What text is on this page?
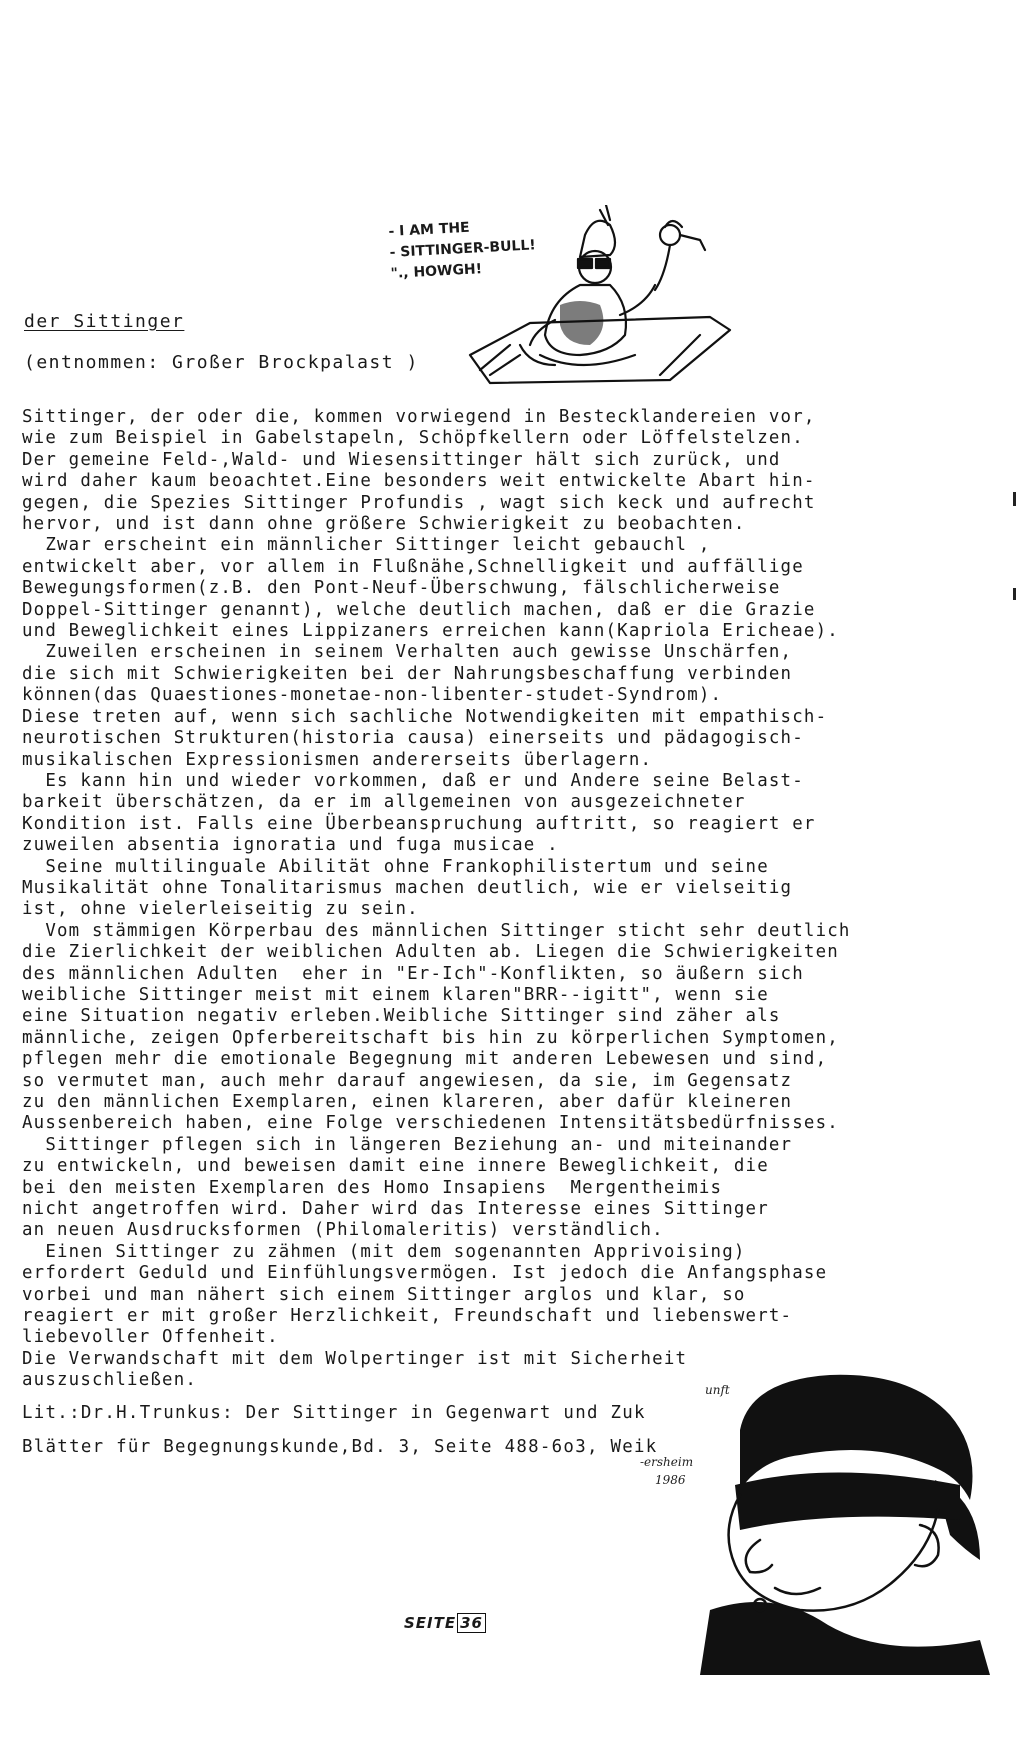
- I AM THE
- SITTINGER-BULL!
"., HOWGH!
der Sittinger
(entnommen: Großer Brockpalast )
Sittinger, der oder die, kommen vorwiegend in Bestecklandereien vor,
wie zum Beispiel in Gabelstapeln, Schöpfkellern oder Löffelstelzen.
Der gemeine Feld-,Wald- und Wiesensittinger hält sich zurück, und
wird daher kaum beoachtet.Eine besonders weit entwickelte Abart hin-
gegen, die Spezies Sittinger Profundis , wagt sich keck und aufrecht
hervor, und ist dann ohne größere Schwierigkeit zu beobachten.
Zwar erscheint ein männlicher Sittinger leicht gebauchl ,
entwickelt aber, vor allem in Flußnähe,Schnelligkeit und auffällige
Bewegungsformen(z.B. den Pont-Neuf-Überschwung, fälschlicherweise
Doppel-Sittinger genannt), welche deutlich machen, daß er die Grazie
und Beweglichkeit eines Lippizaners erreichen kann(Kapriola Ericheae).
Zuweilen erscheinen in seinem Verhalten auch gewisse Unschärfen,
die sich mit Schwierigkeiten bei der Nahrungsbeschaffung verbinden
können(das Quaestiones-monetae-non-libenter-studet-Syndrom).
Diese treten auf, wenn sich sachliche Notwendigkeiten mit empathisch-
neurotischen Strukturen(historia causa) einerseits und pädagogisch-
musikalischen Expressionismen andererseits überlagern.
Es kann hin und wieder vorkommen, daß er und Andere seine Belast-
barkeit überschätzen, da er im allgemeinen von ausgezeichneter
Kondition ist. Falls eine Überbeanspruchung auftritt, so reagiert er
zuweilen absentia ignoratia und fuga musicae .
Seine multilinguale Abilität ohne Frankophilistertum und seine
Musikalität ohne Tonalitarismus machen deutlich, wie er vielseitig
ist, ohne vielerleiseitig zu sein.
Vom stämmigen Körperbau des männlichen Sittinger sticht sehr deutlich
die Zierlichkeit der weiblichen Adulten ab. Liegen die Schwierigkeiten
des männlichen Adulten  eher in "Er-Ich"-Konflikten, so äußern sich
weibliche Sittinger meist mit einem klaren"BRR--igitt", wenn sie
eine Situation negativ erleben.Weibliche Sittinger sind zäher als
männliche, zeigen Opferbereitschaft bis hin zu körperlichen Symptomen,
pflegen mehr die emotionale Begegnung mit anderen Lebewesen und sind,
so vermutet man, auch mehr darauf angewiesen, da sie, im Gegensatz
zu den männlichen Exemplaren, einen klareren, aber dafür kleineren
Aussenbereich haben, eine Folge verschiedenen Intensitätsbedürfnisses.
Sittinger pflegen sich in längeren Beziehung an- und miteinander
zu entwickeln, und beweisen damit eine innere Beweglichkeit, die
bei den meisten Exemplaren des Homo Insapiens  Mergentheimis
nicht angetroffen wird. Daher wird das Interesse eines Sittinger
an neuen Ausdrucksformen (Philomaleritis) verständlich.
Einen Sittinger zu zähmen (mit dem sogenannten Apprivoising)
erfordert Geduld und Einfühlungsvermögen. Ist jedoch die Anfangsphase
vorbei und man nähert sich einem Sittinger arglos und klar, so
reagiert er mit großer Herzlichkeit, Freundschaft und liebenswert-
liebevoller Offenheit.
Die Verwandschaft mit dem Wolpertinger ist mit Sicherheit
auszuschließen.
Lit.:Dr.H.Trunkus: Der Sittinger in Gegenwart und Zuk
Blätter für Begegnungskunde,Bd. 3, Seite 488-6o3, Weik
unft
-ersheim
1986
SEITE 36
